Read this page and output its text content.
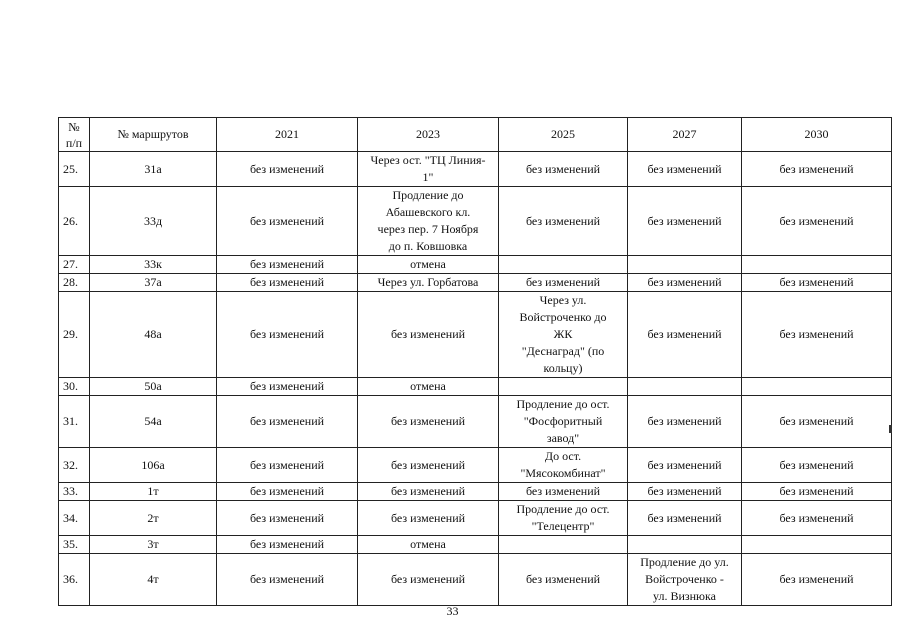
№
п/п	№ маршрутов	2021	2023	2025	2027	2030
25.	31а	без изменений	Через ост. "ТЦ Линия-
1"	без изменений	без изменений	без изменений
26.	33д	без изменений	Продление до
Абашевского кл.
через пер. 7 Ноября
до п. Ковшовка	без изменений	без изменений	без изменений
27.	33к	без изменений	отмена			
28.	37а	без изменений	Через ул. Горбатова	без изменений	без изменений	без изменений
29.	48а	без изменений	без изменений	Через ул.
Войстроченко до
ЖК
"Деснаград" (по
кольцу)	без изменений	без изменений
30.	50а	без изменений	отмена			
31.	54а	без изменений	без изменений	Продление до ост.
"Фосфоритный
завод"	без изменений	без изменений
32.	106а	без изменений	без изменений	До ост.
"Мясокомбинат"	без изменений	без изменений
33.	1т	без изменений	без изменений	без изменений	без изменений	без изменений
34.	2т	без изменений	без изменений	Продление до ост.
"Телецентр"	без изменений	без изменений
35.	3т	без изменений	отмена			
36.	4т	без изменений	без изменений	без изменений	Продление до ул.
Войстроченко -
ул. Визнюка	без изменений
33
